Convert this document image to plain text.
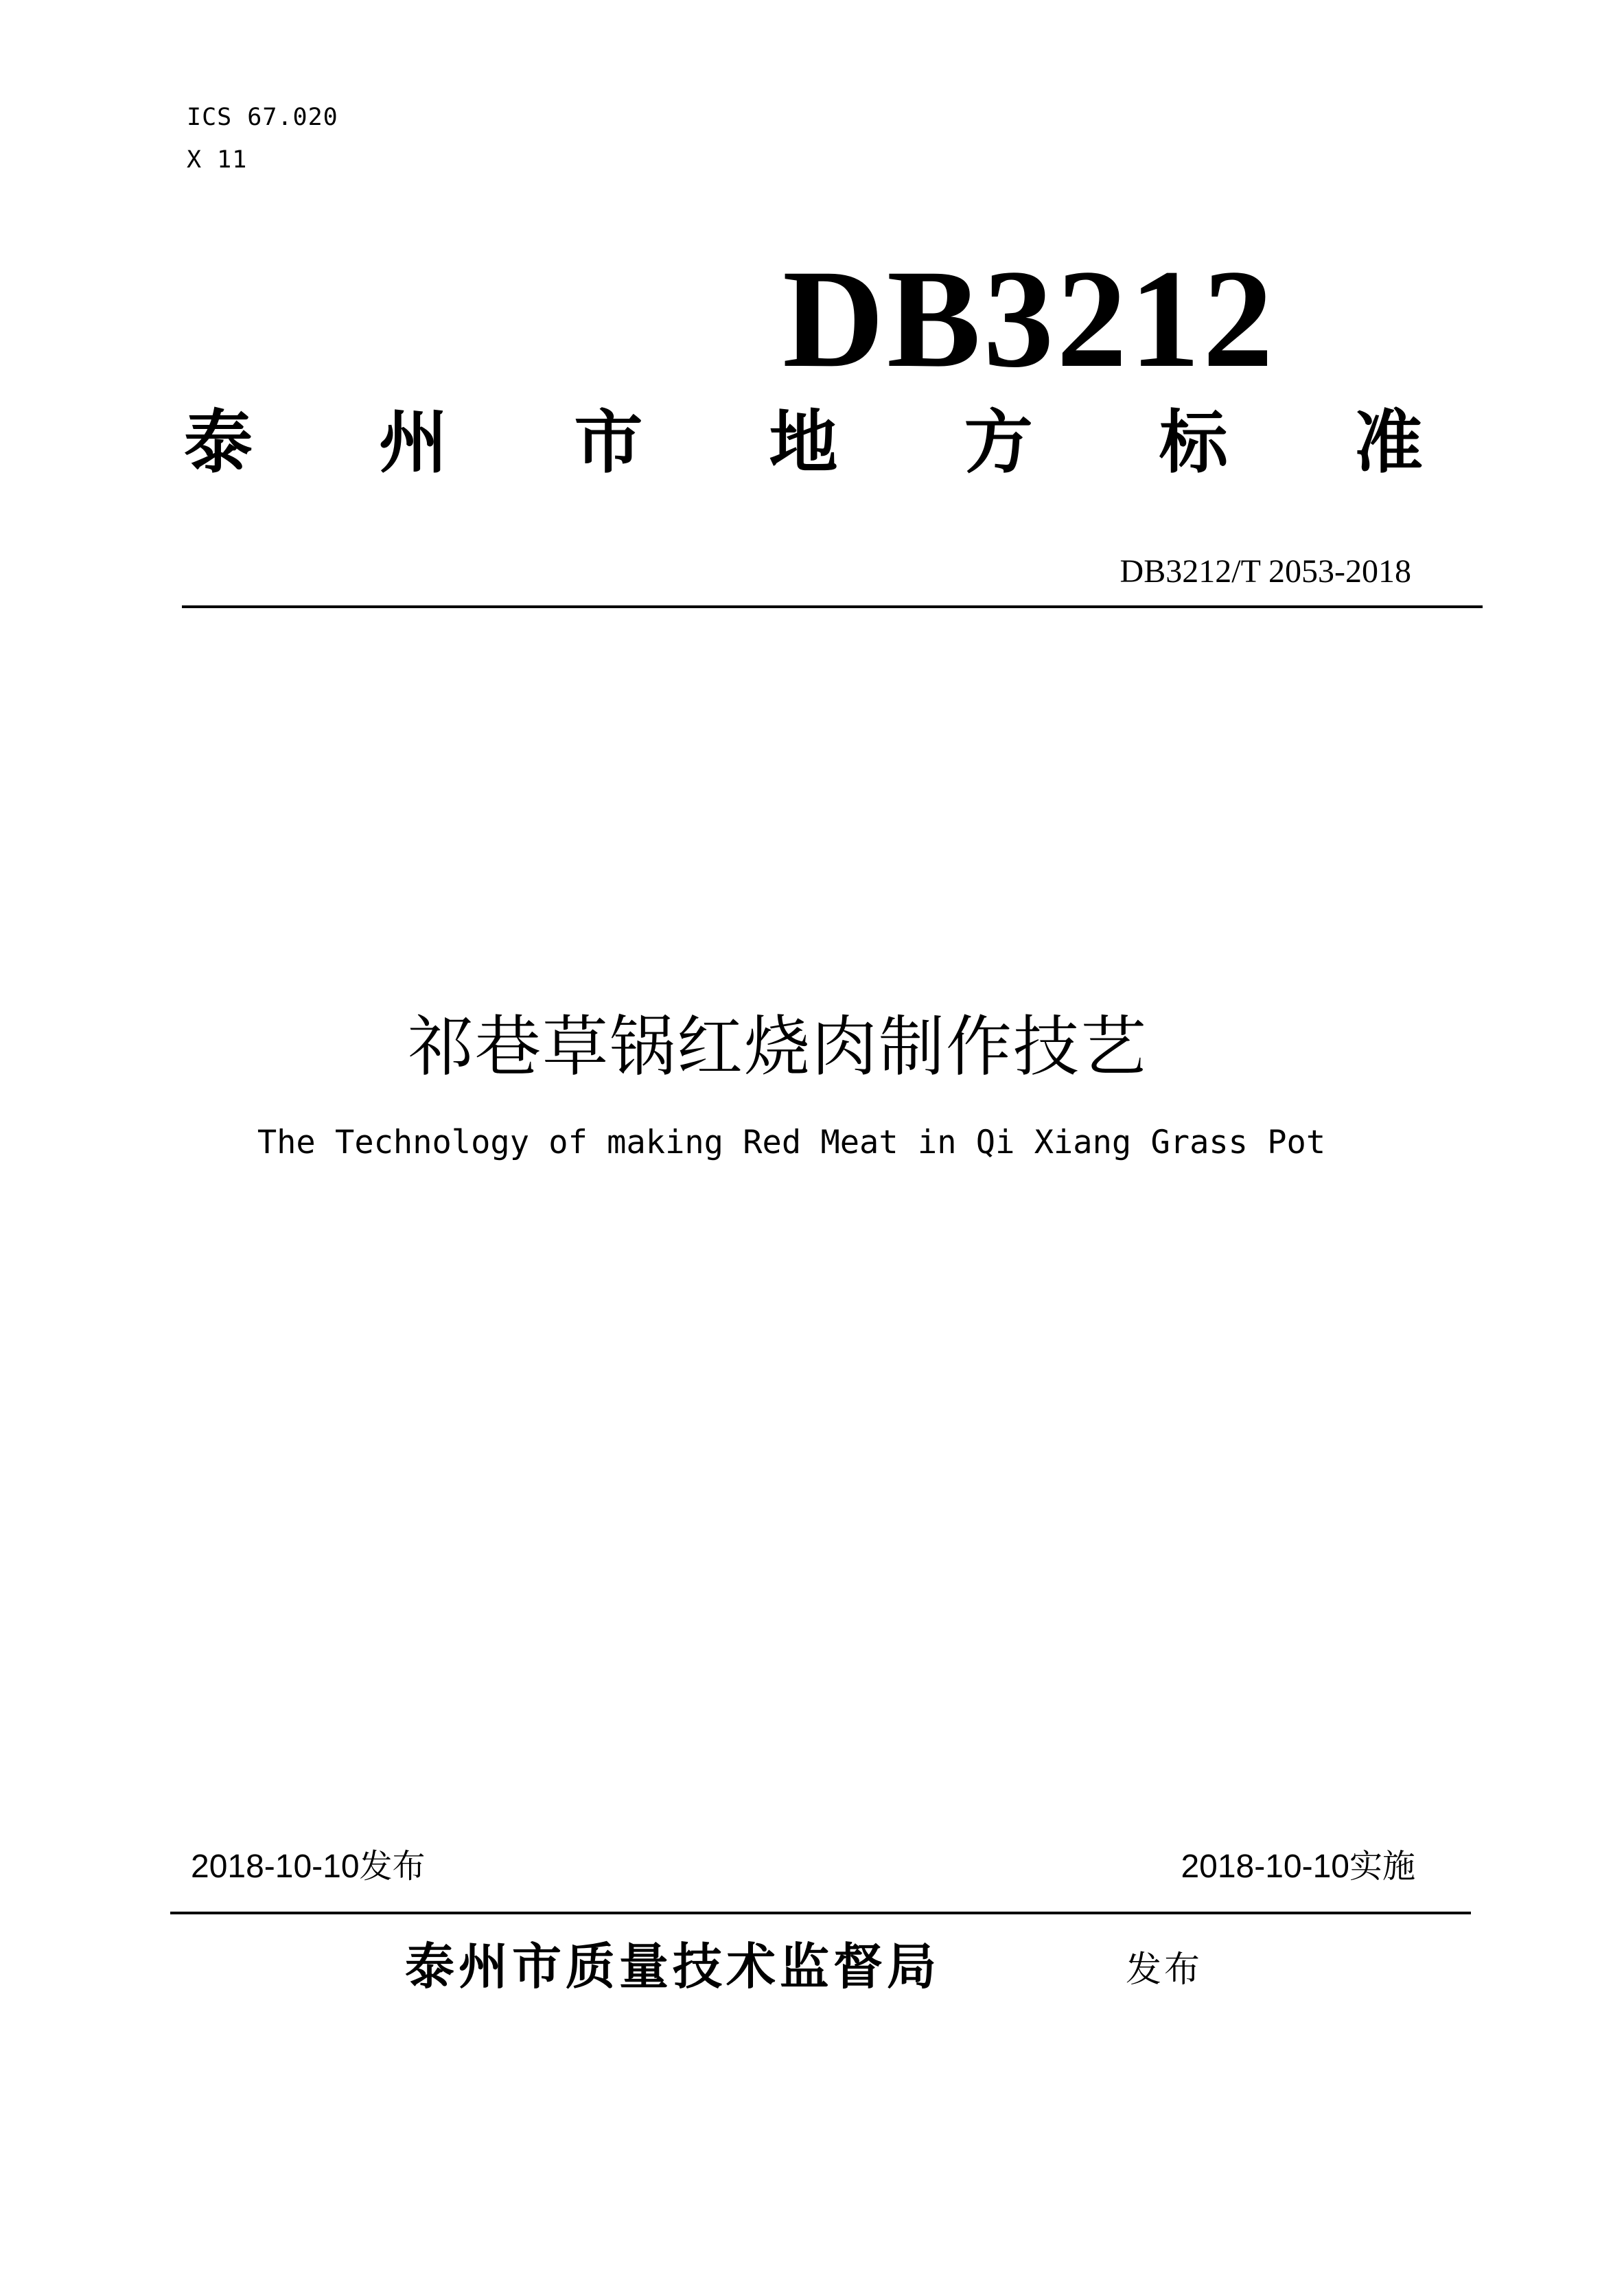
ICS 67.020
X 11
DB3212
泰 州 市 地 方 标 准
DB3212/T 2053-2018
祁巷草锅红烧肉制作技艺
The Technology of making Red Meat in Qi Xiang Grass Pot
2018-10-10发布	2018-10-10实施
泰州市质量技术监督局	发布
